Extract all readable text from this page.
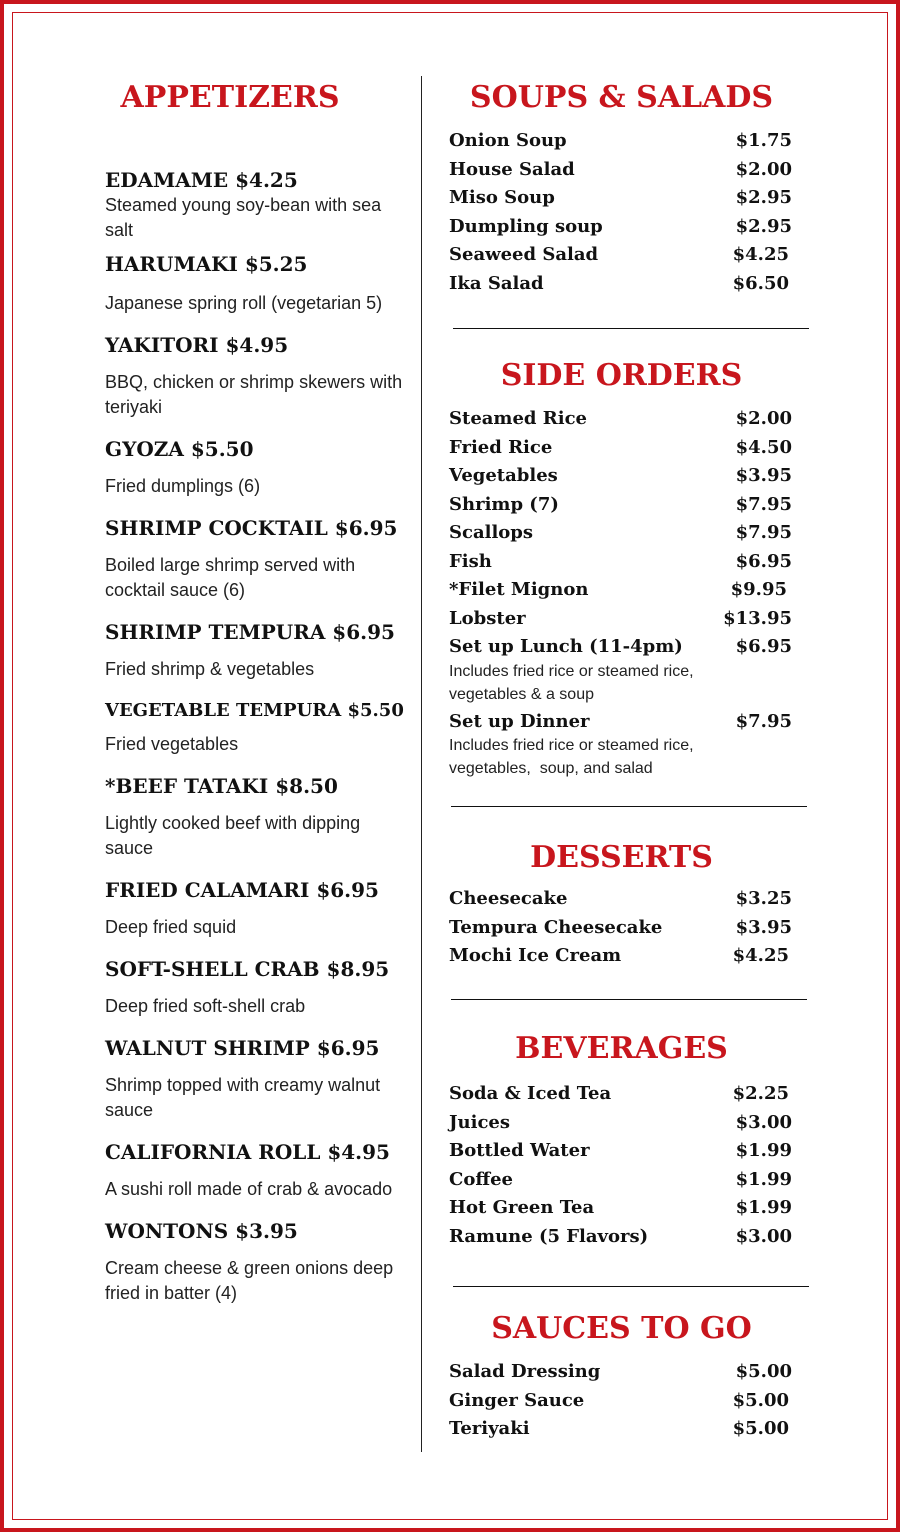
APPETIZERS
EDAMAME $4.25
Steamed young soy-bean with sea salt
HARUMAKI $5.25
Japanese spring roll (vegetarian 5)
YAKITORI $4.95
BBQ, chicken or shrimp skewers with teriyaki
GYOZA $5.50
Fried dumplings (6)
SHRIMP COCKTAIL $6.95
Boiled large shrimp served with cocktail sauce (6)
SHRIMP TEMPURA $6.95
Fried shrimp & vegetables
VEGETABLE TEMPURA $5.50
Fried vegetables
*BEEF TATAKI $8.50
Lightly cooked beef with dipping sauce
FRIED CALAMARI $6.95
Deep fried squid
SOFT-SHELL CRAB $8.95
Deep fried soft-shell crab
WALNUT SHRIMP $6.95
Shrimp topped with creamy walnut sauce
CALIFORNIA ROLL $4.95
A sushi roll made of crab & avocado
WONTONS $3.95
Cream cheese & green onions deep fried in batter (4)
SOUPS & SALADS
Onion Soup	$1.75
House Salad	$2.00
Miso Soup	$2.95
Dumpling soup	$2.95
Seaweed Salad	$4.25
Ika Salad	$6.50
SIDE ORDERS
Steamed Rice	$2.00
Fried Rice	$4.50
Vegetables	$3.95
Shrimp (7)	$7.95
Scallops	$7.95
Fish	$6.95
*Filet Mignon	$9.95
Lobster	$13.95
Set up Lunch (11-4pm)	$6.95
Includes fried rice or steamed rice, vegetables & a soup
Set up Dinner	$7.95
Includes fried rice or steamed rice, vegetables,  soup, and salad
DESSERTS
Cheesecake	$3.25
Tempura Cheesecake	$3.95
Mochi Ice Cream	$4.25
BEVERAGES
Soda & Iced Tea	$2.25
Juices	$3.00
Bottled Water	$1.99
Coffee	$1.99
Hot Green Tea	$1.99
Ramune (5 Flavors)	$3.00
SAUCES TO GO
Salad Dressing	$5.00
Ginger Sauce	$5.00
Teriyaki	$5.00
